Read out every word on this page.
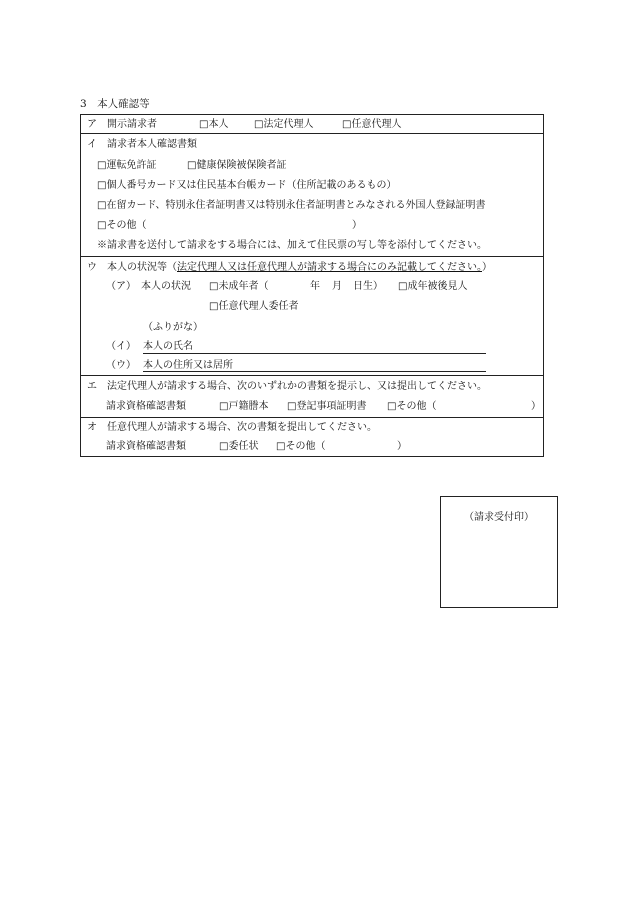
3　本人確認等
ア　開示請求者	□本人	□法定代理人	□任意代理人
イ　請求者本人確認書類
□運転免許証	□健康保険被保険者証
□個人番号カード又は住民基本台帳カード（住所記載のあるもの）
□在留カード、特別永住者証明書又は特別永住者証明書とみなされる外国人登録証明書
□その他（	）
※請求書を送付して請求をする場合には、加えて住民票の写し等を添付してください。
ウ　本人の状況等（法定代理人又は任意代理人が請求する場合にのみ記載してください。）
（ア）　本人の状況 □未成年者（	年 月 日生） □成年被後見人
□任意代理人委任者
（ふりがな）
（イ） 本人の氏名
（ウ） 本人の住所又は居所
エ　法定代理人が請求する場合、次のいずれかの書類を提示し、又は提出してください。
請求資格確認書類	□戸籍謄本 □登記事項証明書 □その他（	）
オ　任意代理人が請求する場合、次の書類を提出してください。
請求資格確認書類	□委任状 □その他（	）
（請求受付印）
